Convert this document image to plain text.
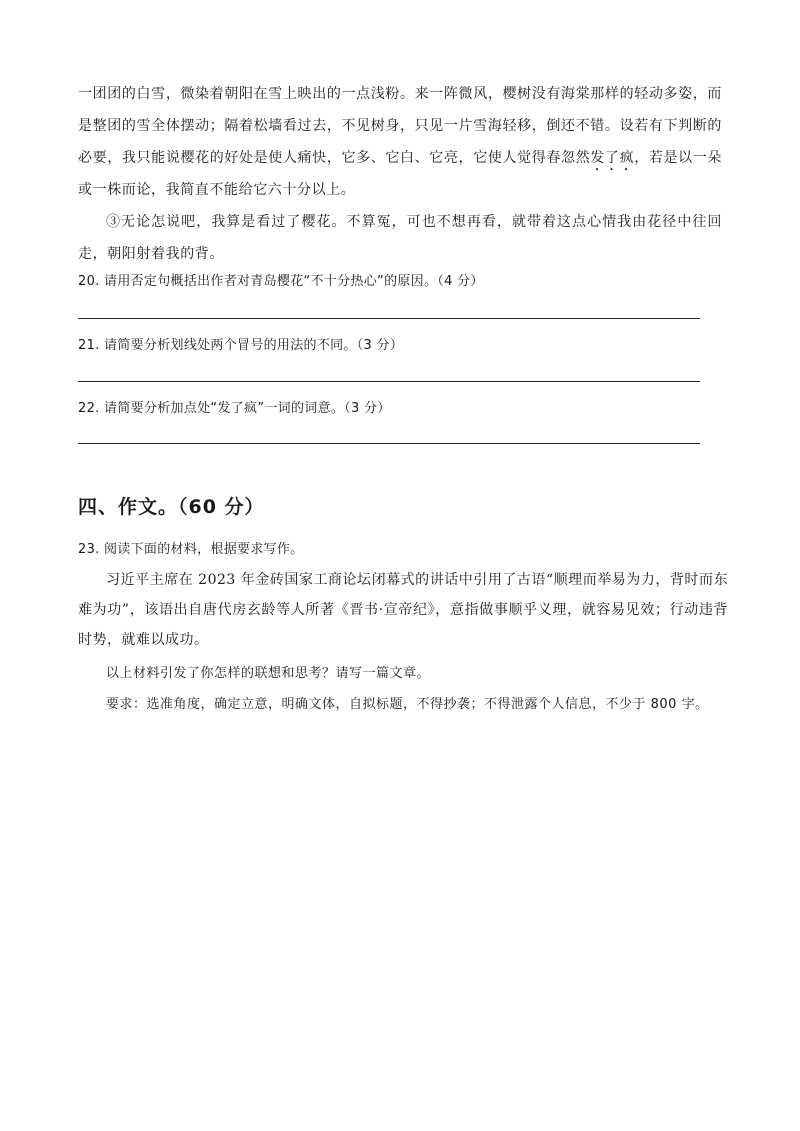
一团团的白雪，微染着朝阳在雪上映出的一点浅粉。来一阵微风，樱树没有海棠那样的轻动多姿，而是整团的雪全体摆动；隔着松墙看过去，不见树身，只见一片雪海轻移，倒还不错。设若有下判断的必要，我只能说樱花的好处是使人痛快，它多、它白、它亮，它使人觉得春忽然发了疯，若是以一朵或一株而论，我简直不能给它六十分以上。

③无论怎说吧，我算是看过了樱花。不算冤，可也不想再看，就带着这点心情我由花径中往回走，朝阳射着我的背。

20. 请用否定句概括出作者对青岛樱花“不十分热心”的原因。（4 分）

21. 请简要分析划线处两个冒号的用法的不同。（3 分）

22. 请简要分析加点处“发了疯”一词的词意。（3 分）

四、作文。（60 分）

23. 阅读下面的材料，根据要求写作。

习近平主席在 2023 年金砖国家工商论坛闭幕式的讲话中引用了古语“顺理而举易为力，背时而东难为功”，该语出自唐代房玄龄等人所著《晋书·宣帝纪》，意指做事顺乎义理，就容易见效；行动违背时势，就难以成功。

以上材料引发了你怎样的联想和思考？请写一篇文章。

要求：选准角度，确定立意，明确文体，自拟标题，不得抄袭；不得泄露个人信息，不少于 800 字。
